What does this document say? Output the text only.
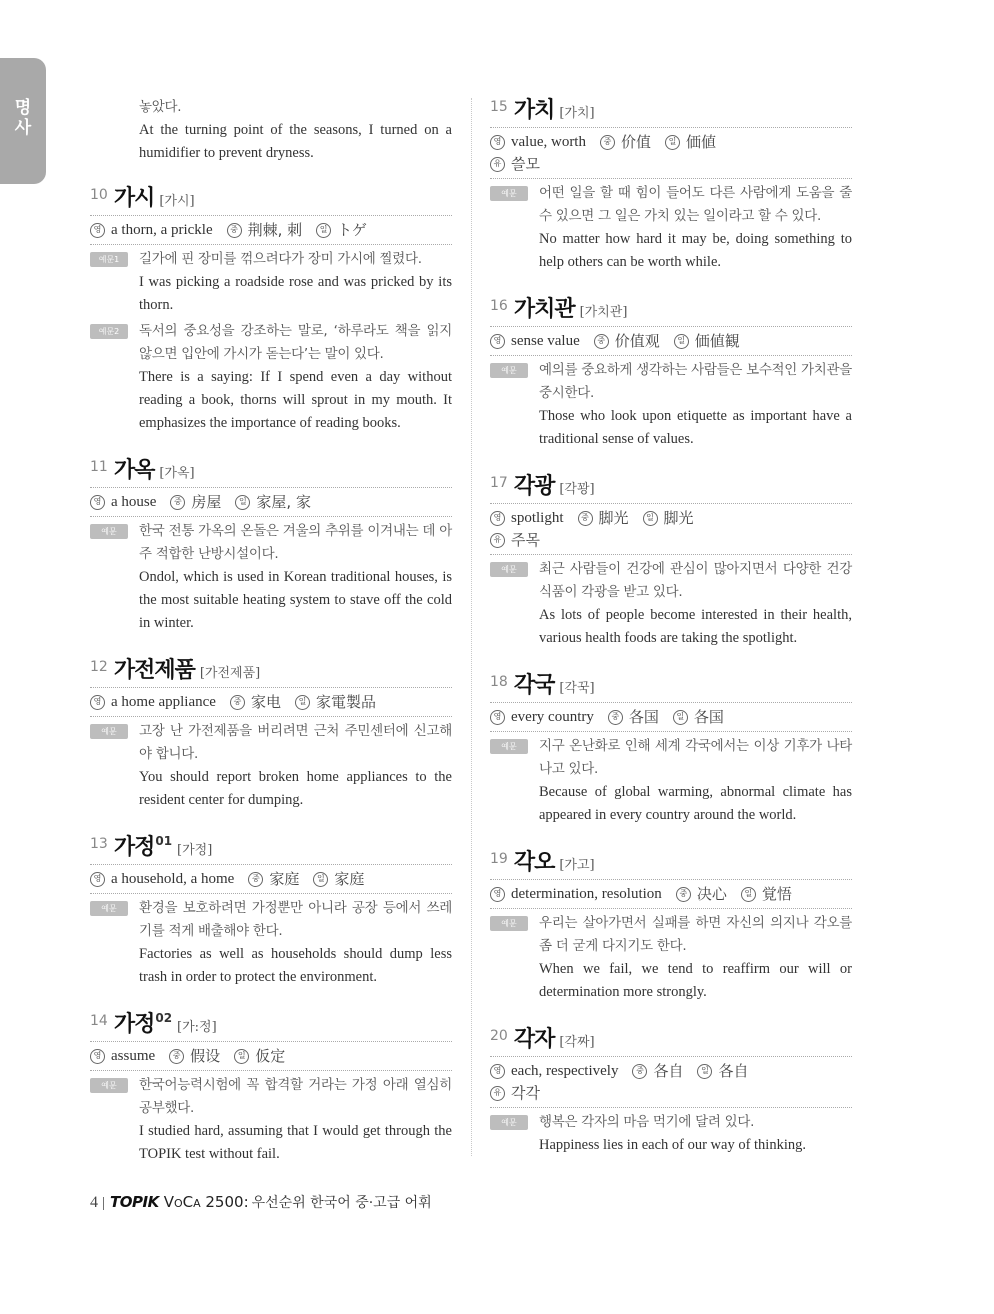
명
사
놓았다.
At the turning point of the seasons, I turned on a humidifier to prevent dryness.
10 가시 [가시]
영 a thorn, a prickle	중 荆棘, 刺	일 トゲ
예문1	길가에 핀 장미를 꺾으려다가 장미 가시에 찔렸다.
I was picking a roadside rose and was pricked by its thorn.
예문2	독서의 중요성을 강조하는 말로, ‘하루라도 책을 읽지 않으면 입안에 가시가 돋는다’는 말이 있다.
There is a saying: If I spend even a day without reading a book, thorns will sprout in my mouth. It emphasizes the importance of reading books.
11 가옥 [가옥]
영 a house	중 房屋	일 家屋, 家
예문	한국 전통 가옥의 온돌은 겨울의 추위를 이겨내는 데 아주 적합한 난방시설이다.
Ondol, which is used in Korean traditional houses, is the most suitable heating system to stave off the cold in winter.
12 가전제품 [가전제품]
영 a home appliance	중 家电	일 家電製品
예문	고장 난 가전제품을 버리려면 근처 주민센터에 신고해야 합니다.
You should report broken home appliances to the resident center for dumping.
13 가정 01
[가정]
영 a household, a home	중 家庭	일 家庭
예문	환경을 보호하려면 가정뿐만 아니라 공장 등에서 쓰레기를 적게 배출해야 한다.
Factories as well as households should dump less trash in order to protect the environment.
14 가정 02
[가:정]
영 assume	중 假设	일 仮定
예문	한국어능력시험에 꼭 합격할 거라는 가정 아래 열심히 공부했다.
I studied hard, assuming that I would get through the TOPIK test without fail.
15 가치 [가치]
영 value, worth	중 价值	일 価値
유 쓸모
예문	어떤 일을 할 때 힘이 들어도 다른 사람에게 도움을 줄 수 있으면 그 일은 가치 있는 일이라고 할 수 있다.
No matter how hard it may be, doing something to help others can be worth while.
16 가치관 [가치관]
영 sense value	중 价值观	일 価値観
예문	예의를 중요하게 생각하는 사람들은 보수적인 가치관을 중시한다.
Those who look upon etiquette as important have a traditional sense of values.
17 각광 [각꽝]
영 spotlight	중 脚光	일 脚光
유 주목
예문	최근 사람들이 건강에 관심이 많아지면서 다양한 건강식품이 각광을 받고 있다.
As lots of people become interested in their health, various health foods are taking the spotlight.
18 각국 [각꾹]
영 every country	중 各国	일 各国
예문	지구 온난화로 인해 세계 각국에서는 이상 기후가 나타나고 있다.
Because of global warming, abnormal climate has appeared in every country around the world.
19 각오 [가고]
영 determination, resolution	중 决心	일 覚悟
예문	우리는 살아가면서 실패를 하면 자신의 의지나 각오를 좀 더 굳게 다지기도 한다.
When we fail, we tend to reaffirm our will or determination more strongly.
20 각자 [각짜]
영 each, respectively	중 各自	일 各自
유 각각
예문	행복은 각자의 마음 먹기에 달려 있다.
Happiness lies in each of our way of thinking.
4 | TOPIK VoCa 2500: 우선순위 한국어 중·고급 어휘
